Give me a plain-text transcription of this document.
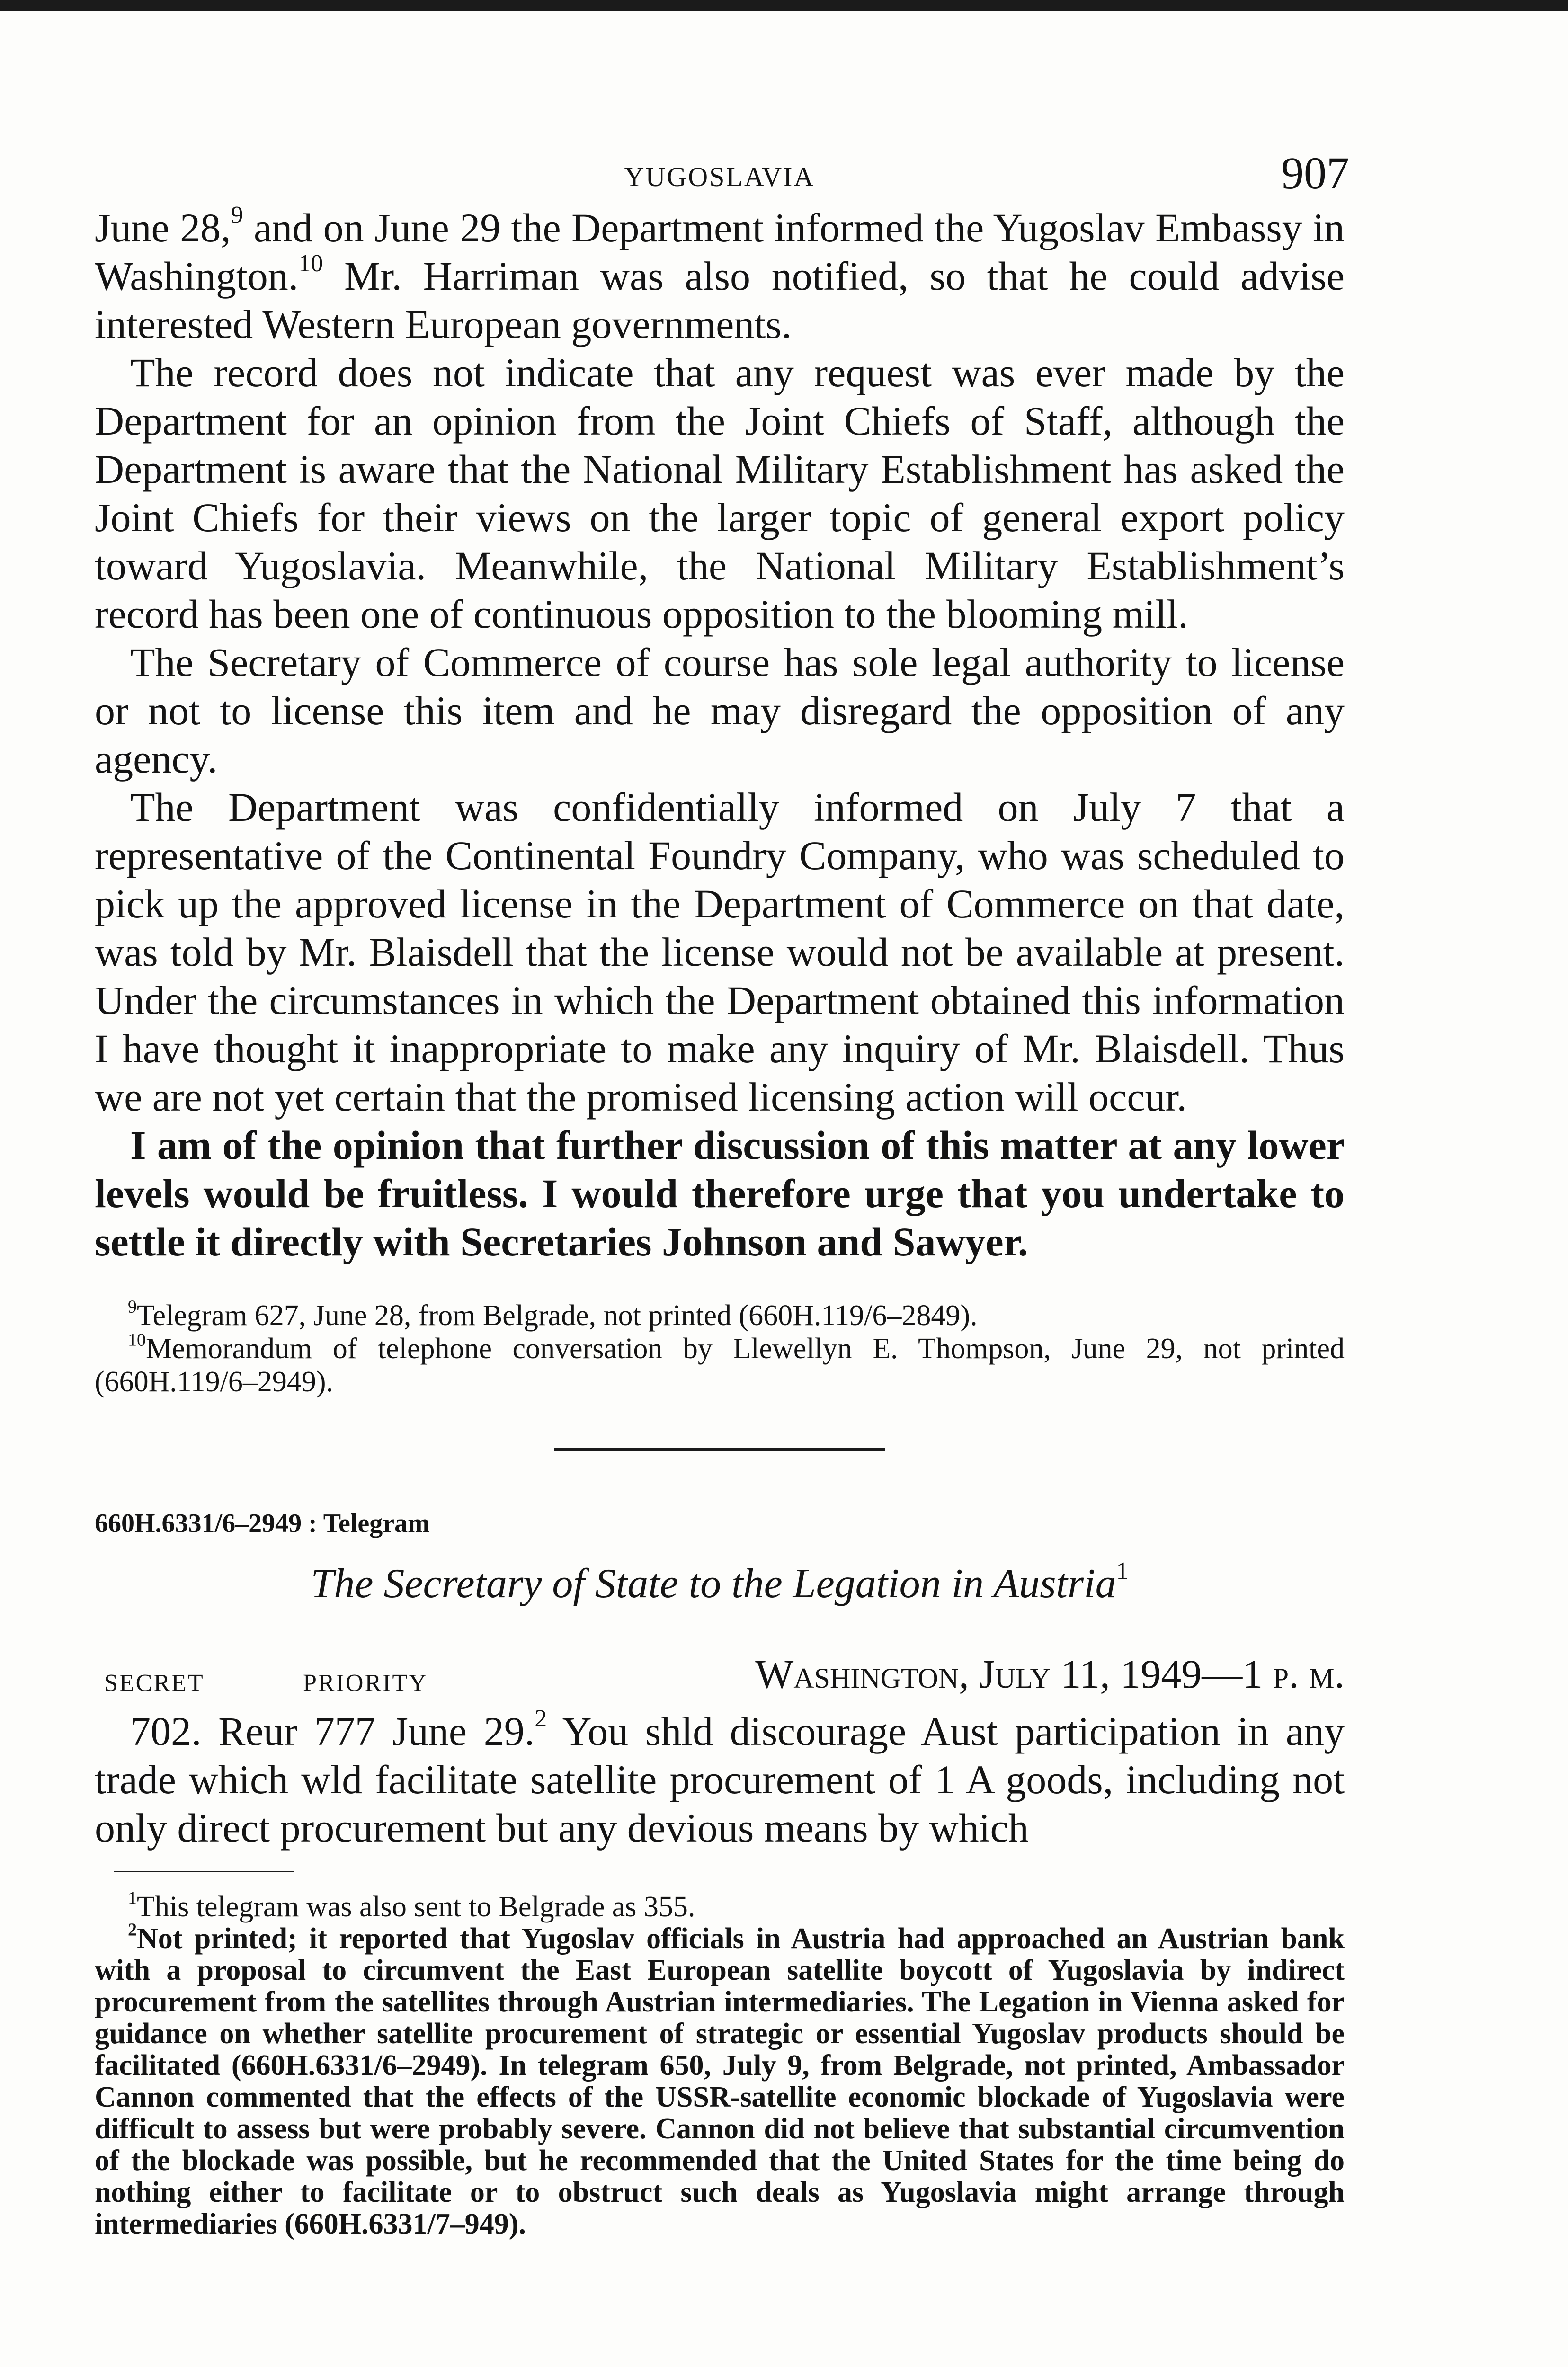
YUGOSLAVIA	907

June 28,$^9$ and on June 29 the Department informed the Yugoslav Embassy in Washington.$^{10}$ Mr. Harriman was also notified, so that he could advise interested Western European governments.

The record does not indicate that any request was ever made by the Department for an opinion from the Joint Chiefs of Staff, although the Department is aware that the National Military Establishment has asked the Joint Chiefs for their views on the larger topic of general export policy toward Yugoslavia. Meanwhile, the National Military Establishment’s record has been one of continuous opposition to the blooming mill.

The Secretary of Commerce of course has sole legal authority to license or not to license this item and he may disregard the opposition of any agency.

The Department was confidentially informed on July 7 that a representative of the Continental Foundry Company, who was scheduled to pick up the approved license in the Department of Commerce on that date, was told by Mr. Blaisdell that the license would not be available at present. Under the circumstances in which the Department obtained this information I have thought it inappropriate to make any inquiry of Mr. Blaisdell. Thus we are not yet certain that the promised licensing action will occur.

I am of the opinion that further discussion of this matter at any lower levels would be fruitless. I would therefore urge that you undertake to settle it directly with Secretaries Johnson and Sawyer.

$^9$Telegram 627, June 28, from Belgrade, not printed (660H.119/6–2849).

$^{10}$Memorandum of telephone conversation by Llewellyn E. Thompson, June 29, not printed (660H.119/6–2949).

660H.6331/6–2949 : Telegram
The Secretary of State to the Legation in Austria$^1$
SECRET	PRIORITY	Washington, July 11, 1949—1 p. m.

702. Reur 777 June 29.$^2$ You shld discourage Aust participation in any trade which wld facilitate satellite procurement of 1 A goods, including not only direct procurement but any devious means by which

$^1$This telegram was also sent to Belgrade as 355.

$^2$Not printed; it reported that Yugoslav officials in Austria had approached an Austrian bank with a proposal to circumvent the East European satellite boycott of Yugoslavia by indirect procurement from the satellites through Austrian intermediaries. The Legation in Vienna asked for guidance on whether satellite procurement of strategic or essential Yugoslav products should be facilitated (660H.6331/6–2949). In telegram 650, July 9, from Belgrade, not printed, Ambassador Cannon commented that the effects of the USSR-satellite economic blockade of Yugoslavia were difficult to assess but were probably severe. Cannon did not believe that substantial circumvention of the blockade was possible, but he recommended that the United States for the time being do nothing either to facilitate or to obstruct such deals as Yugoslavia might arrange through intermediaries (660H.6331/7–949).
